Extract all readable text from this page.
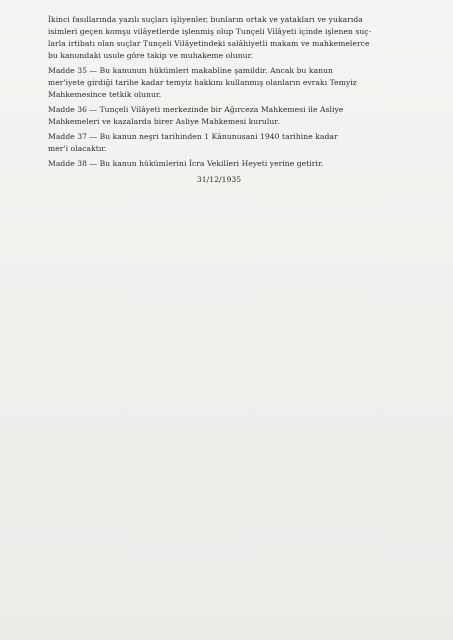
İkinci fasıllarında yazılı suçları işliyenler, bunların ortak ve yatakları ve yukarıda
isimleri geçen komşu vilâyetlerde işlenmiş olup Tunçeli Vilâyeti içinde işlenen suç-
larla irtibatı olan suçlar Tunçeli Vilâyetindeki salâhiyetli makam ve mahkemelerce
bu kanundaki usule göre takip ve muhakeme olunur.
Madde 35 — Bu kanunun hükümleri makabline şamildir. Ancak bu kanun
mer'iyete girdiği tarihe kadar temyiz hakkını kullanmış olanların evrakı Temyiz
Mahkemesince tetkik olunur.
Madde 36 — Tunçeli Vilâyeti merkezinde bir Ağırceza Mahkemesi ile Asliye
Mahkemeleri ve kazalarda birer Asliye Mahkemesi kurulur.
Madde 37 — Bu kanun neşri tarihinden 1 Kânunusani 1940 tarihine kadar
mer'i olacaktır.
Madde 38 — Bu kanun hükümlerini İcra Vekilleri Heyeti yerine getirir.
31/12/1935
